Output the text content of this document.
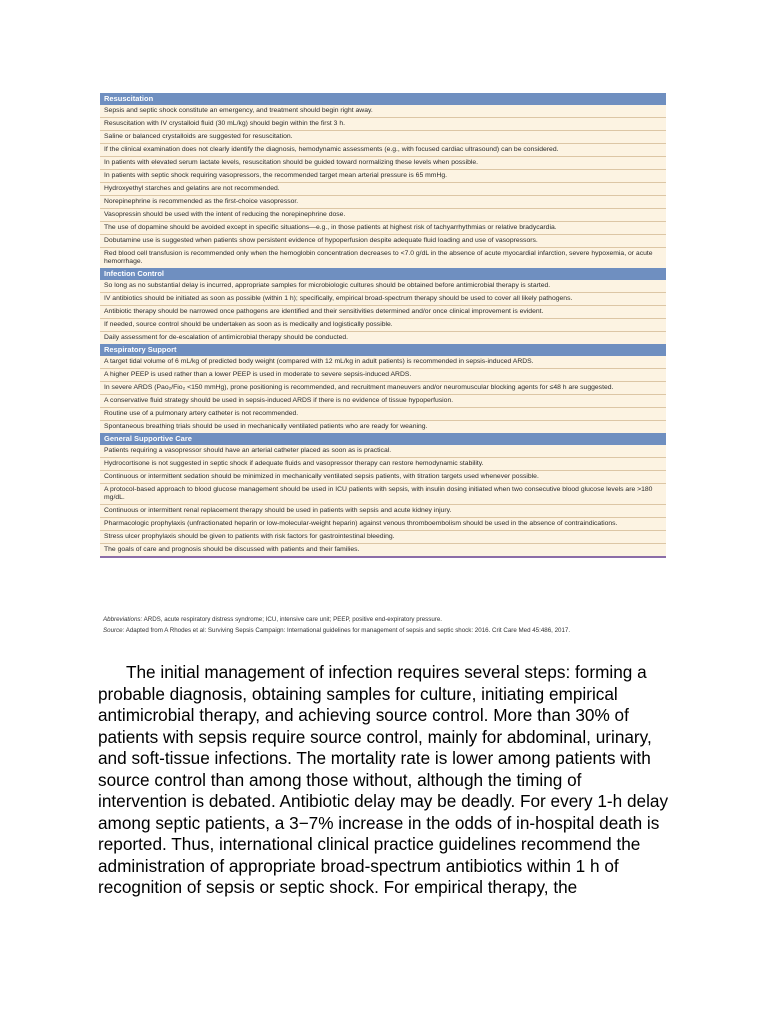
Resuscitation
Sepsis and septic shock constitute an emergency, and treatment should begin right away.
Resuscitation with IV crystalloid fluid (30 mL/kg) should begin within the first 3 h.
Saline or balanced crystalloids are suggested for resuscitation.
If the clinical examination does not clearly identify the diagnosis, hemodynamic assessments (e.g., with focused cardiac ultrasound) can be considered.
In patients with elevated serum lactate levels, resuscitation should be guided toward normalizing these levels when possible.
In patients with septic shock requiring vasopressors, the recommended target mean arterial pressure is 65 mmHg.
Hydroxyethyl starches and gelatins are not recommended.
Norepinephrine is recommended as the first-choice vasopressor.
Vasopressin should be used with the intent of reducing the norepinephrine dose.
The use of dopamine should be avoided except in specific situations—e.g., in those patients at highest risk of tachyarrhythmias or relative bradycardia.
Dobutamine use is suggested when patients show persistent evidence of hypoperfusion despite adequate fluid loading and use of vasopressors.
Red blood cell transfusion is recommended only when the hemoglobin concentration decreases to <7.0 g/dL in the absence of acute myocardial infarction, severe hypoxemia, or acute hemorrhage.
Infection Control
So long as no substantial delay is incurred, appropriate samples for microbiologic cultures should be obtained before antimicrobial therapy is started.
IV antibiotics should be initiated as soon as possible (within 1 h); specifically, empirical broad-spectrum therapy should be used to cover all likely pathogens.
Antibiotic therapy should be narrowed once pathogens are identified and their sensitivities determined and/or once clinical improvement is evident.
If needed, source control should be undertaken as soon as is medically and logistically possible.
Daily assessment for de-escalation of antimicrobial therapy should be conducted.
Respiratory Support
A target tidal volume of 6 mL/kg of predicted body weight (compared with 12 mL/kg in adult patients) is recommended in sepsis-induced ARDS.
A higher PEEP is used rather than a lower PEEP is used in moderate to severe sepsis-induced ARDS.
In severe ARDS (Pao₂/Fio₂ <150 mmHg), prone positioning is recommended, and recruitment maneuvers and/or neuromuscular blocking agents for ≤48 h are suggested.
A conservative fluid strategy should be used in sepsis-induced ARDS if there is no evidence of tissue hypoperfusion.
Routine use of a pulmonary artery catheter is not recommended.
Spontaneous breathing trials should be used in mechanically ventilated patients who are ready for weaning.
General Supportive Care
Patients requiring a vasopressor should have an arterial catheter placed as soon as is practical.
Hydrocortisone is not suggested in septic shock if adequate fluids and vasopressor therapy can restore hemodynamic stability.
Continuous or intermittent sedation should be minimized in mechanically ventilated sepsis patients, with titration targets used whenever possible.
A protocol-based approach to blood glucose management should be used in ICU patients with sepsis, with insulin dosing initiated when two consecutive blood glucose levels are >180 mg/dL.
Continuous or intermittent renal replacement therapy should be used in patients with sepsis and acute kidney injury.
Pharmacologic prophylaxis (unfractionated heparin or low-molecular-weight heparin) against venous thromboembolism should be used in the absence of contraindications.
Stress ulcer prophylaxis should be given to patients with risk factors for gastrointestinal bleeding.
The goals of care and prognosis should be discussed with patients and their families.
Abbreviations: ARDS, acute respiratory distress syndrome; ICU, intensive care unit; PEEP, positive end-expiratory pressure.
Source: Adapted from A Rhodes et al: Surviving Sepsis Campaign: International guidelines for management of sepsis and septic shock: 2016. Crit Care Med 45:486, 2017.

The initial management of infection requires several steps: forming a probable diagnosis, obtaining samples for culture, initiating empirical antimicrobial therapy, and achieving source control. More than 30% of patients with sepsis require source control, mainly for abdominal, urinary, and soft-tissue infections. The mortality rate is lower among patients with source control than among those without, although the timing of intervention is debated. Antibiotic delay may be deadly. For every 1-h delay among septic patients, a 3−7% increase in the odds of in-hospital death is reported. Thus, international clinical practice guidelines recommend the administration of appropriate broad-spectrum antibiotics within 1 h of recognition of sepsis or septic shock. For empirical therapy, the
